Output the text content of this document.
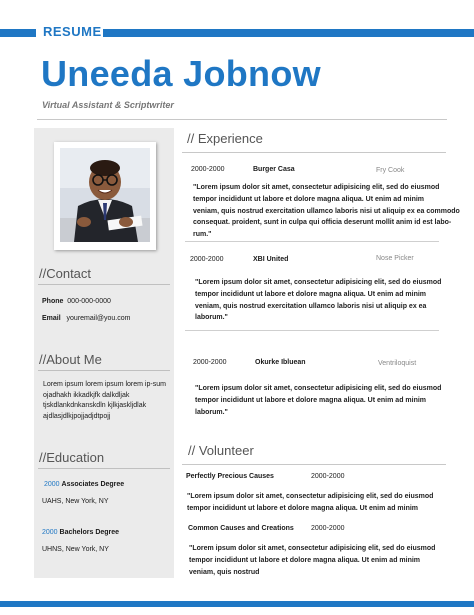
RESUME
Uneeda Jobnow
Virtual Assistant & Scriptwriter
//Contact
Phone 000-000-0000
Email youremail@you.com
//About Me
Lorem ipsum lorem ipsum lorem ip-sum ojadhakh ikkadkjfk dalkdljak tjskdlankdnkanskdln kjlkjaskljdlak ajdlasjdlkjpojjadjdtpojj
//Education
2000 Associates Degree
UAHS, New York, NY
2000 Bachelors Degree
UHNS, New York, NY
// Experience
2000-2000	Burger Casa	Fry Cook
"Lorem ipsum dolor sit amet, consectetur adipisicing elit, sed do eiusmod
tempor incididunt ut labore et dolore magna aliqua. Ut enim ad minim
veniam, quis nostrud exercitation ullamco laboris nisi ut aliquip ex ea commodo
consequat. proident, sunt in culpa qui officia deserunt mollit anim id est labo-
rum."
2000-2000	XBI United	Nose Picker
"Lorem ipsum dolor sit amet, consectetur adipisicing elit, sed do eiusmod
tempor incididunt ut labore et dolore magna aliqua. Ut enim ad minim
veniam, quis nostrud exercitation ullamco laboris nisi ut aliquip ex ea
laborum."
2000-2000	Okurke Ibluean	Ventriloquist
"Lorem ipsum dolor sit amet, consectetur adipisicing elit, sed do eiusmod
tempor incididunt ut labore et dolore magna aliqua. Ut enim ad minim
laborum."
// Volunteer
Perfectly Precious Causes	2000-2000
"Lorem ipsum dolor sit amet, consectetur adipisicing elit, sed do eiusmod
tempor incididunt ut labore et dolore magna aliqua. Ut enim ad minim
Common Causes and Creations 2000-2000
"Lorem ipsum dolor sit amet, consectetur adipisicing elit, sed do eiusmod
tempor incididunt ut labore et dolore magna aliqua. Ut enim ad minim
veniam, quis nostrud
